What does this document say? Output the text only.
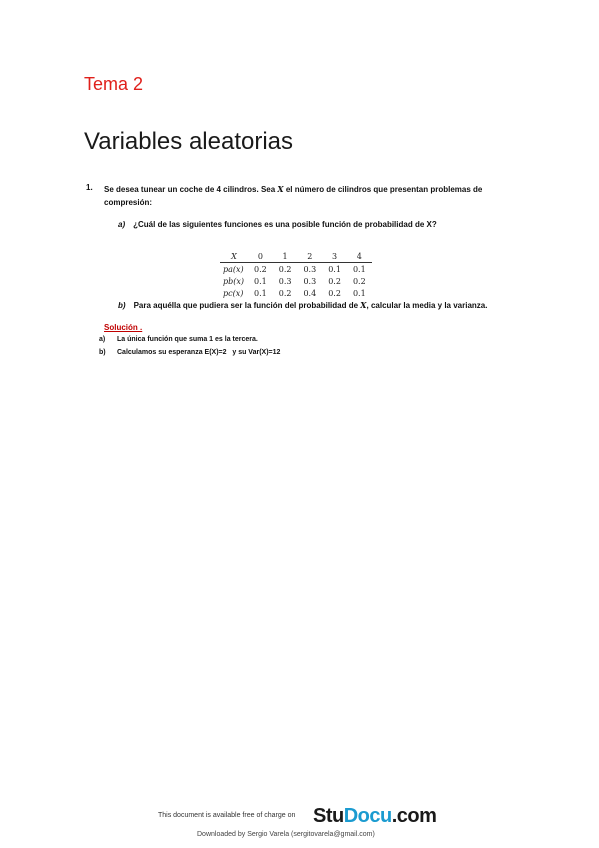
Tema 2
Variables aleatorias
1. Se desea tunear un coche de 4 cilindros. Sea X el número de cilindros que presentan problemas de compresión:
a) ¿Cuál de las siguientes funciones es una posible función de probabilidad de X?
X	0	1	2	3	4
pa(x)	0.2	0.2	0.3	0.1	0.1
pb(x)	0.1	0.3	0.3	0.2	0.2
pc(x)	0.1	0.2	0.4	0.2	0.1
b) Para aquélla que pudiera ser la función del probabilidad de X, calcular la media y la varianza.
Solución .
a) La única función que suma 1 es la tercera.
b) Calculamos su esperanza E(X)=2   y su Var(X)=12
This document is available free of charge on StuDocu.com
Downloaded by Sergio Varela (sergitovarela@gmail.com)
